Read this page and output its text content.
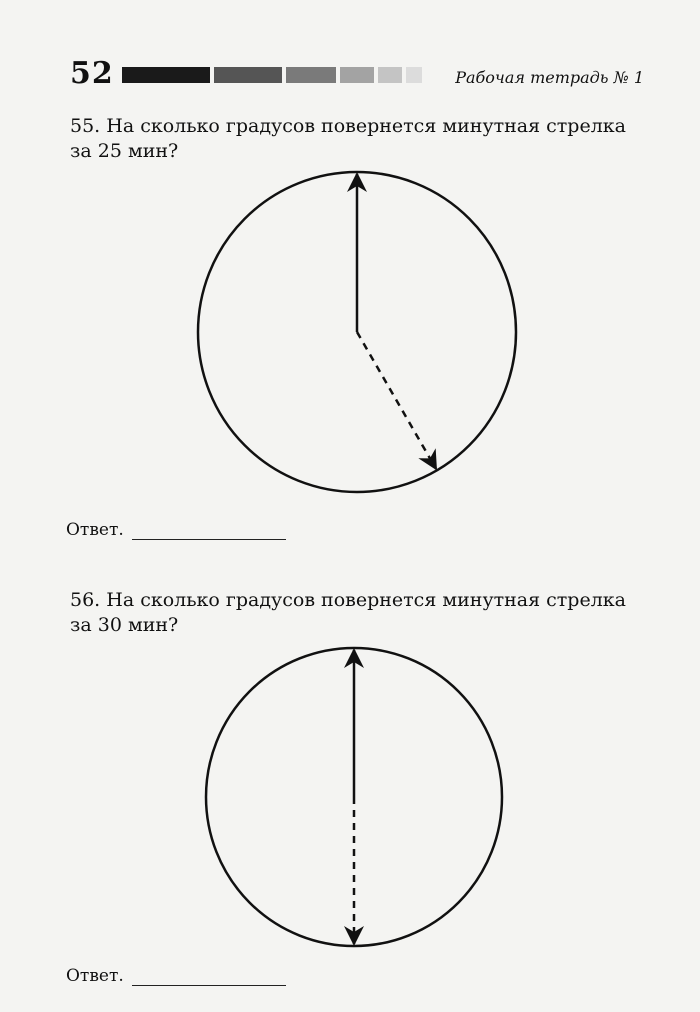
52	Рабочая тетрадь № 1
55. На сколько градусов повернется минутная стрелка
за 25 мин?
Ответ.
56. На сколько градусов повернется минутная стрелка
за 30 мин?
Ответ.
